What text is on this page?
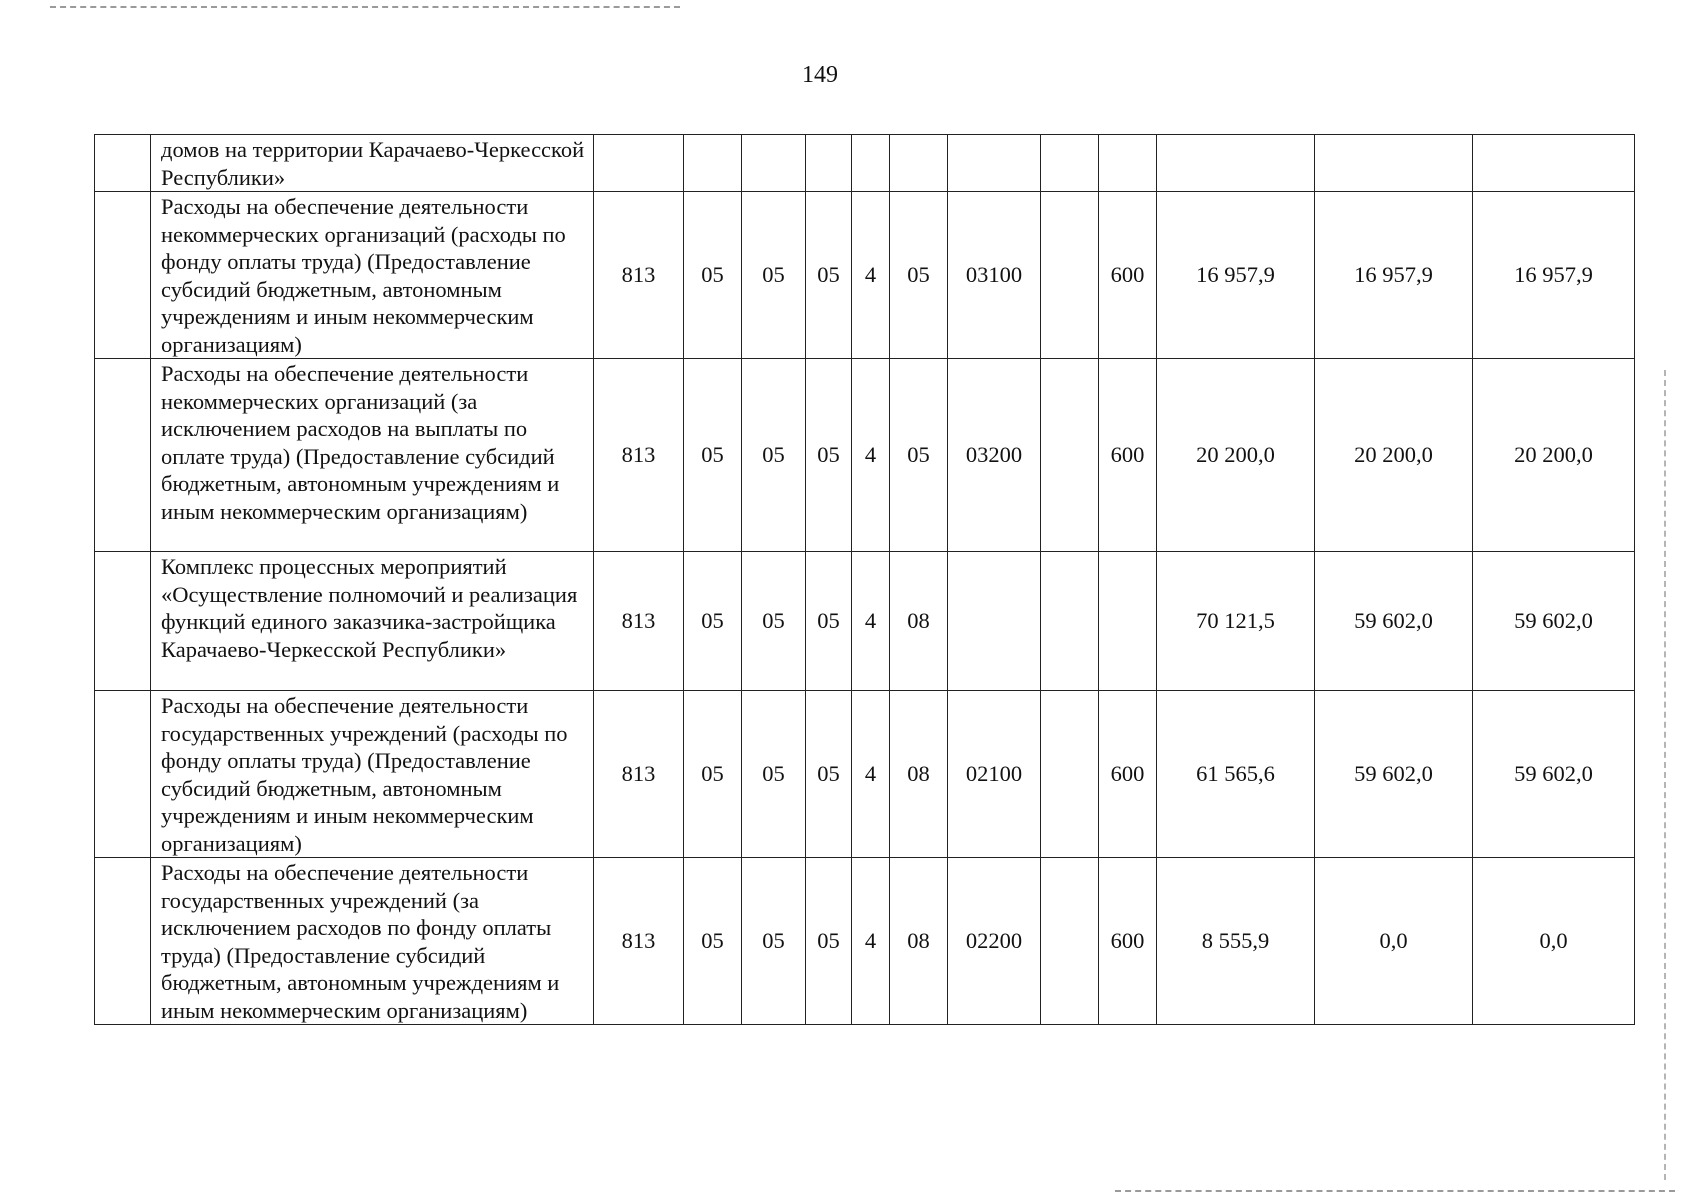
149
	домов на территории Карачаево-Черкесской Республики»												
	Расходы на обеспечение деятельности некоммерческих организаций (расходы по фонду оплаты труда) (Предоставление субсидий бюджетным, автономным учреждениям и иным некоммерческим организациям)	813	05	05	05	4	05	03100		600	16 957,9	16 957,9	16 957,9
	Расходы на обеспечение деятельности некоммерческих организаций (за исключением расходов на выплаты по оплате труда) (Предоставление субсидий бюджетным, автономным учреждениям и иным некоммерческим организациям)	813	05	05	05	4	05	03200		600	20 200,0	20 200,0	20 200,0
	Комплекс процессных мероприятий «Осуществление полномочий и реализация функций единого заказчика-застройщика Карачаево-Черкесской Республики»	813	05	05	05	4	08				70 121,5	59 602,0	59 602,0
	Расходы на обеспечение деятельности государственных учреждений (расходы по фонду оплаты труда) (Предоставление субсидий бюджетным, автономным учреждениям и иным некоммерческим организациям)	813	05	05	05	4	08	02100		600	61 565,6	59 602,0	59 602,0
	Расходы на обеспечение деятельности государственных учреждений (за исключением расходов по фонду оплаты труда) (Предоставление субсидий бюджетным, автономным учреждениям и иным некоммерческим организациям)	813	05	05	05	4	08	02200		600	8 555,9	0,0	0,0
